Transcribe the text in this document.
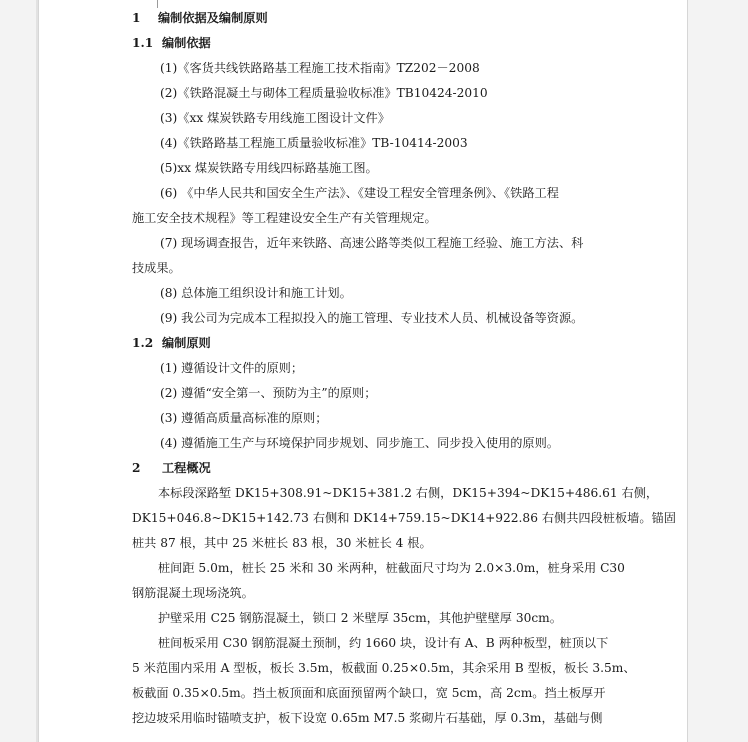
1 编制依据及编制原则
1.1 编制依据
(1)《客货共线铁路路基工程施工技术指南》TZ202－2008
(2)《铁路混凝土与砌体工程质量验收标准》TB10424-2010
(3)《xx 煤炭铁路专用线施工图设计文件》
(4)《铁路路基工程施工质量验收标准》TB-10414-2003
(5)xx 煤炭铁路专用线四标路基施工图。
(6) 《中华人民共和国安全生产法》、《建设工程安全管理条例》、《铁路工程
施工安全技术规程》等工程建设安全生产有关管理规定。
(7) 现场调查报告，近年来铁路、高速公路等类似工程施工经验、施工方法、科
技成果。
(8) 总体施工组织设计和施工计划。
(9) 我公司为完成本工程拟投入的施工管理、专业技术人员、机械设备等资源。
1.2 编制原则
(1) 遵循设计文件的原则；
(2) 遵循“安全第一、预防为主”的原则；
(3) 遵循高质量高标准的原则；
(4) 遵循施工生产与环境保护同步规划、同步施工、同步投入使用的原则。
2 工程概况
本标段深路堑 DK15+308.91~DK15+381.2 右侧，DK15+394~DK15+486.61 右侧，
DK15+046.8~DK15+142.73 右侧和 DK14+759.15~DK14+922.86 右侧共四段桩板墙。锚固
桩共 87 根，其中 25 米桩长 83 根，30 米桩长 4 根。
桩间距 5.0m，桩长 25 米和 30 米两种，桩截面尺寸均为 2.0×3.0m，桩身采用 C30
钢筋混凝土现场浇筑。
护壁采用 C25 钢筋混凝土，锁口 2 米壁厚 35cm，其他护壁壁厚 30cm。
桩间板采用 C30 钢筋混凝土预制，约 1660 块，设计有 A、B 两种板型，桩顶以下
5 米范围内采用 A 型板，板长 3.5m，板截面 0.25×0.5m，其余采用 B 型板，板长 3.5m、
板截面 0.35×0.5m。挡土板顶面和底面预留两个缺口，宽 5cm，高 2cm。挡土板厚开
挖边坡采用临时锚喷支护，板下设宽 0.65m M7.5 浆砌片石基础，厚 0.3m，基础与侧
